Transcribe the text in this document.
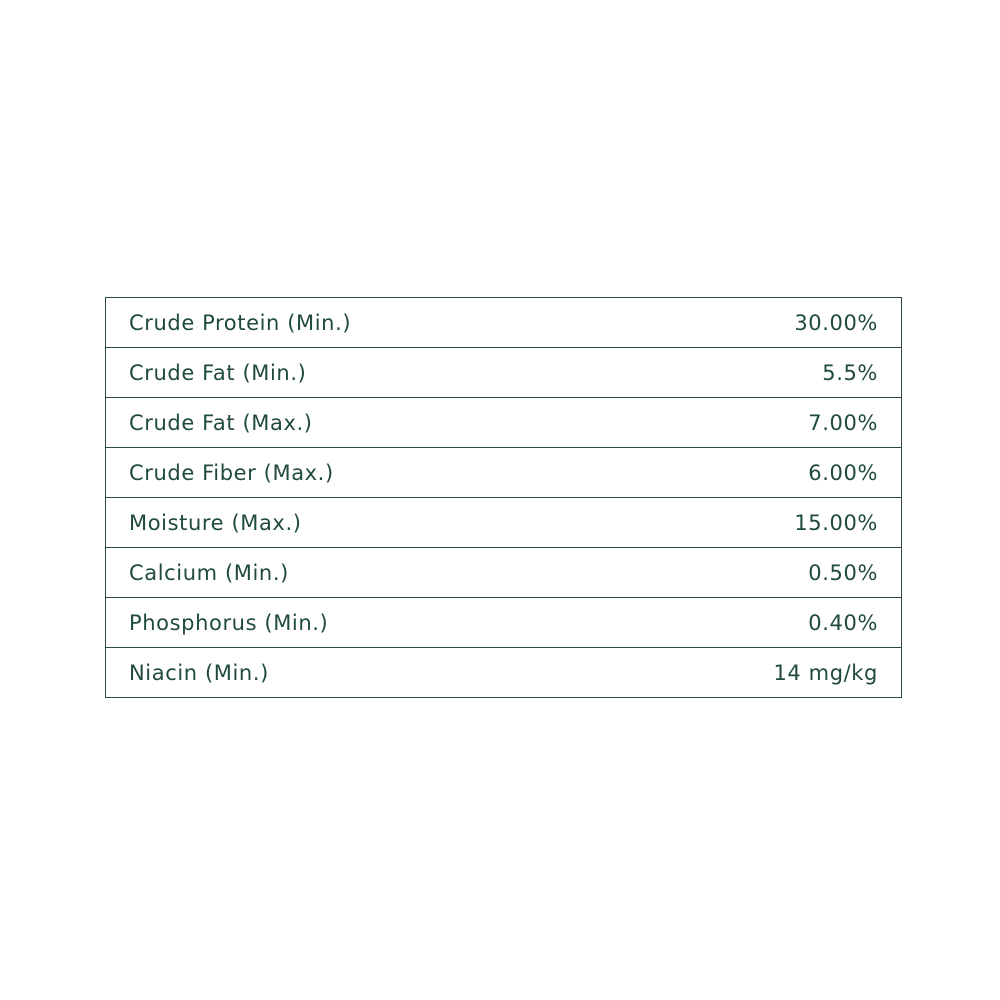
Crude Protein (Min.)	30.00%
Crude Fat (Min.)	5.5%
Crude Fat (Max.)	7.00%
Crude Fiber (Max.)	6.00%
Moisture (Max.)	15.00%
Calcium (Min.)	0.50%
Phosphorus (Min.)	0.40%
Niacin (Min.)	14 mg/kg
